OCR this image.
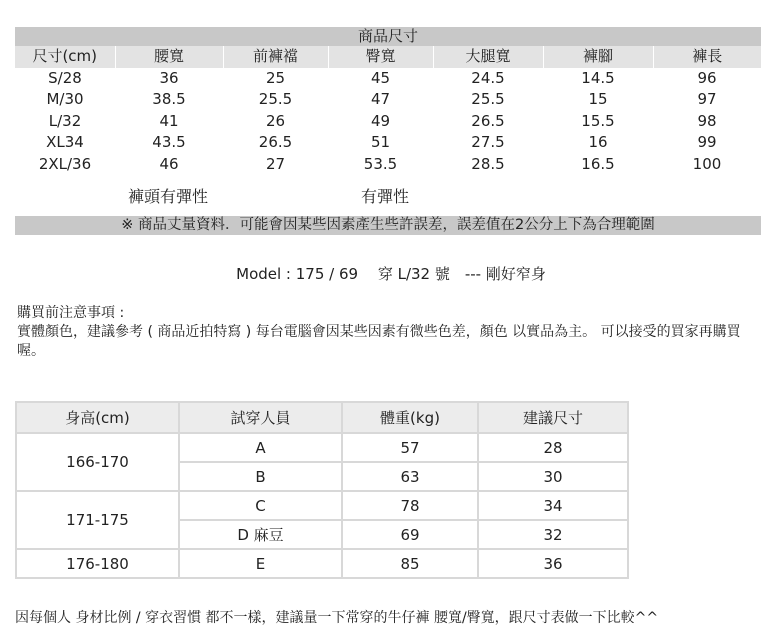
商品尺寸
尺寸(cm)	腰寬	前褲襠	臀寬	大腿寬	褲腳	褲長
S/28	36	25	45	24.5	14.5	96
M/30	38.5	25.5	47	25.5	15	97
L/32	41	26	49	26.5	15.5	98
XL34	43.5	26.5	51	27.5	16	99
2XL/36	46	27	53.5	28.5	16.5	100
褲頭有彈性	有彈性
※ 商品丈量資料．可能會因某些因素產生些許誤差，誤差值在2公分上下為合理範圍
Model : 175 / 69　 穿 L/32 號　--- 剛好窄身
購買前注意事項 :
實體顏色，建議參考 ( 商品近拍特寫 ) 每台電腦會因某些因素有微些色差，顏色 以實品為主。 可以接受的買家再購買喔。
身高(cm)	試穿人員	體重(kg)	建議尺寸
166-170	A	57	28
	B	63	30
171-175	C	78	34
	D 麻豆	69	32
176-180	E	85	36
因每個人 身材比例 / 穿衣習慣 都不一樣，建議量一下常穿的牛仔褲 腰寬/臀寬，跟尺寸表做一下比較^^
